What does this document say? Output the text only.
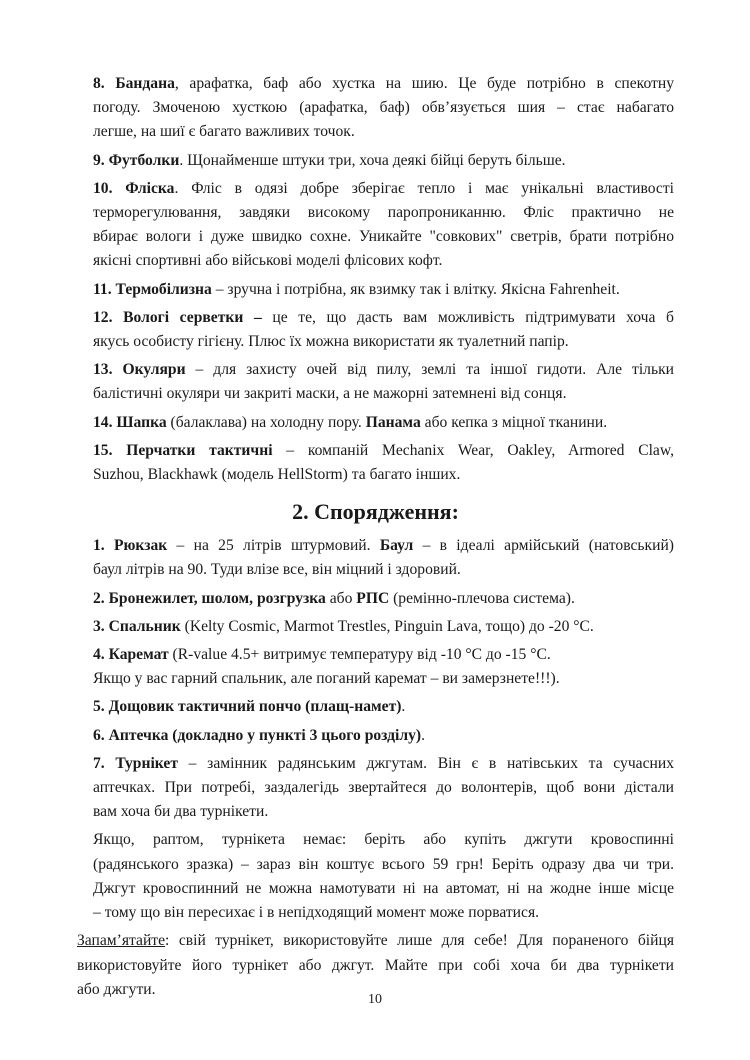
8. Бандана, арафатка, баф або хустка на шию. Це буде потрібно в спекотну
погоду. Змоченою хусткою (арафатка, баф) обв’язується шия – стає набагато
легше, на шиї є багато важливих точок.

9. Футболки. Щонайменше штуки три, хоча деякі бійці беруть більше.

10. Фліска. Фліс в одязі добре зберігає тепло і має унікальні властивості
терморегулювання, завдяки високому паропрониканню. Фліс практично не
вбирає вологи і дуже швидко сохне. Уникайте "совкових" светрів, брати потрібно
якісні спортивні або військові моделі флісових кофт.

11. Термобілизна – зручна і потрібна, як взимку так і влітку. Якісна Fahrenheit.

12. Вологі серветки – це те, що дасть вам можливість підтримувати хоча б
якусь особисту гігієну. Плюс їх можна використати як туалетний папір.

13. Окуляри – для захисту очей від пилу, землі та іншої гидоти. Але тільки
балістичні окуляри чи закриті маски, а не мажорні затемнені від сонця.

14. Шапка (балаклава) на холодну пору. Панама або кепка з міцної тканини.

15. Перчатки тактичні – компаній Mechanix Wear, Oakley, Armored Claw,
Suzhou, Blackhawk (модель HellStorm) та багато інших.

2. Спорядження:

1. Рюкзак – на 25 літрів штурмовий. Баул – в ідеалі армійський (натовський)
баул літрів на 90. Туди влізе все, він міцний і здоровий.

2. Бронежилет, шолом, розгрузка або РПС (ремінно-плечова система).

3. Спальник (Kelty Cosmic, Marmot Trestles, Pinguin Lava, тощо) до -20 °С.

4. Каремат (R-value 4.5+ витримує температуру від -10 °С до -15 °С.
Якщо у вас гарний спальник, але поганий каремат – ви замерзнете!!!).

5. Дощовик тактичний пончо (плащ-намет).

6. Аптечка (докладно у пункті 3 цього розділу).

7. Турнікет – замінник радянським джгутам. Він є в натівських та сучасних
аптечках. При потребі, заздалегідь звертайтеся до волонтерів, щоб вони дістали
вам хоча би два турнікети.

Якщо, раптом, турнікета немає: беріть або купіть джгути кровоспинні
(радянського зразка) – зараз він коштує всього 59 грн! Беріть одразу два чи три.
Джгут кровоспинний не можна намотувати ні на автомат, ні на жодне інше місце
– тому що він пересихає і в непідходящий момент може порватися.

Запам’ятайте: свій турнікет, використовуйте лише для себе! Для пораненого бійця
використовуйте його турнікет або джгут. Майте при собі хоча би два турнікети
або джгути.

10
